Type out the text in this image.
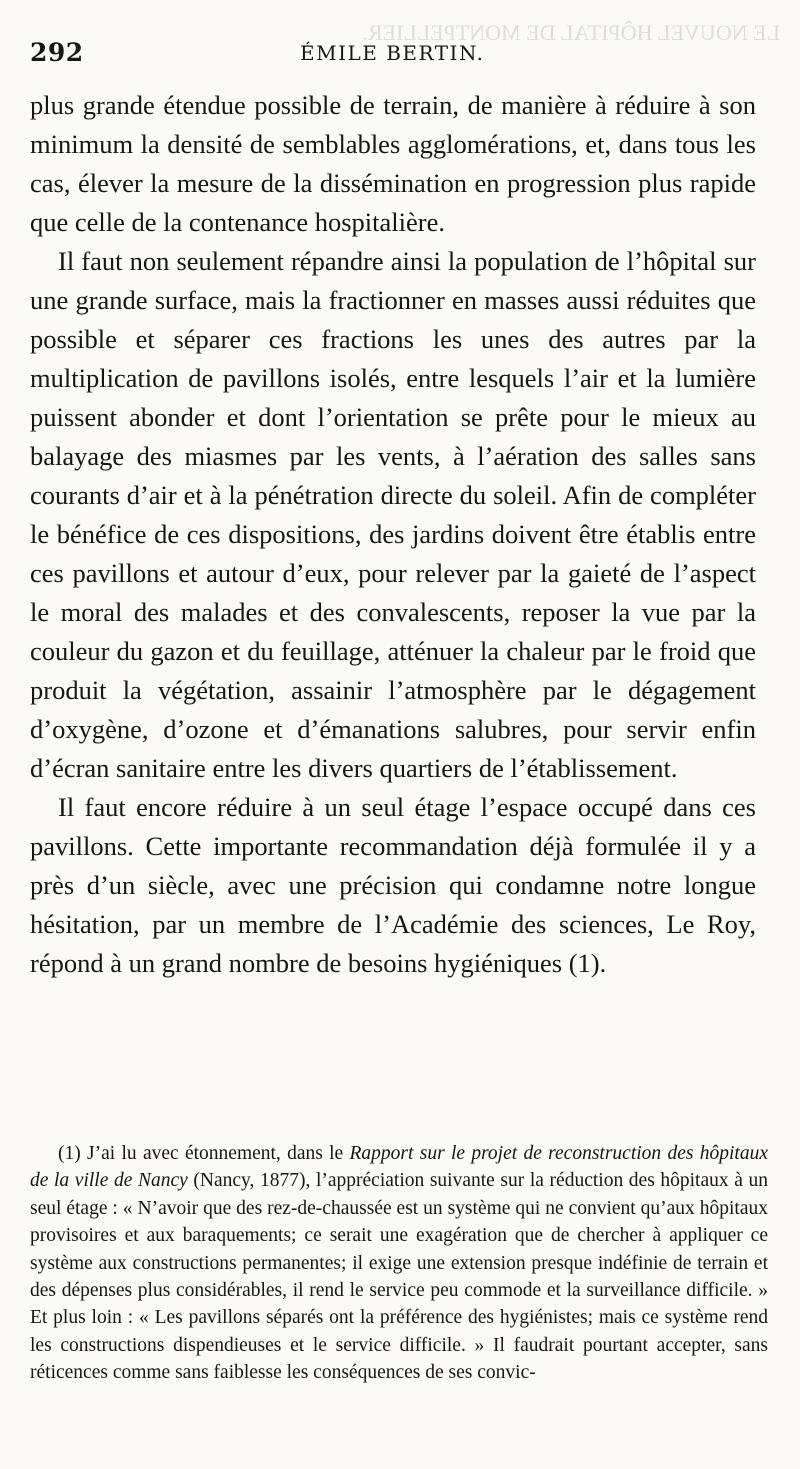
LE NOUVEL HÔPITAL DE MONTPELLIER.
292	ÉMILE BERTIN.

plus grande étendue possible de terrain, de manière à réduire à son minimum la densité de semblables agglomérations, et, dans tous les cas, élever la mesure de la dissémination en progression plus rapide que celle de la contenance hospitalière.

Il faut non seulement répandre ainsi la population de l’hôpital sur une grande surface, mais la fractionner en masses aussi réduites que possible et séparer ces fractions les unes des autres par la multiplication de pavillons isolés, entre lesquels l’air et la lumière puissent abonder et dont l’orientation se prête pour le mieux au balayage des miasmes par les vents, à l’aération des salles sans courants d’air et à la pénétration directe du soleil. Afin de compléter le bénéfice de ces dispositions, des jardins doivent être établis entre ces pavillons et autour d’eux, pour relever par la gaieté de l’aspect le moral des malades et des convalescents, reposer la vue par la couleur du gazon et du feuillage, atténuer la chaleur par le froid que produit la végétation, assainir l’atmosphère par le dégagement d’oxygène, d’ozone et d’émanations salubres, pour servir enfin d’écran sanitaire entre les divers quartiers de l’établissement.

Il faut encore réduire à un seul étage l’espace occupé dans ces pavillons. Cette importante recommandation déjà formulée il y a près d’un siècle, avec une précision qui condamne notre longue hésitation, par un membre de l’Académie des sciences, Le Roy, répond à un grand nombre de besoins hygiéniques (1).

(1) J’ai lu avec étonnement, dans le Rapport sur le projet de reconstruction des hôpitaux de la ville de Nancy (Nancy, 1877), l’appréciation suivante sur la réduction des hôpitaux à un seul étage : « N’avoir que des rez-de-chaussée est un système qui ne convient qu’aux hôpitaux provisoires et aux baraquements; ce serait une exagération que de chercher à appliquer ce système aux constructions permanentes; il exige une extension presque indéfinie de terrain et des dépenses plus considérables, il rend le service peu commode et la surveillance difficile. » Et plus loin : « Les pavillons séparés ont la préférence des hygiénistes; mais ce système rend les constructions dispendieuses et le service difficile. » Il faudrait pourtant accepter, sans réticences comme sans faiblesse les conséquences de ses convic-
